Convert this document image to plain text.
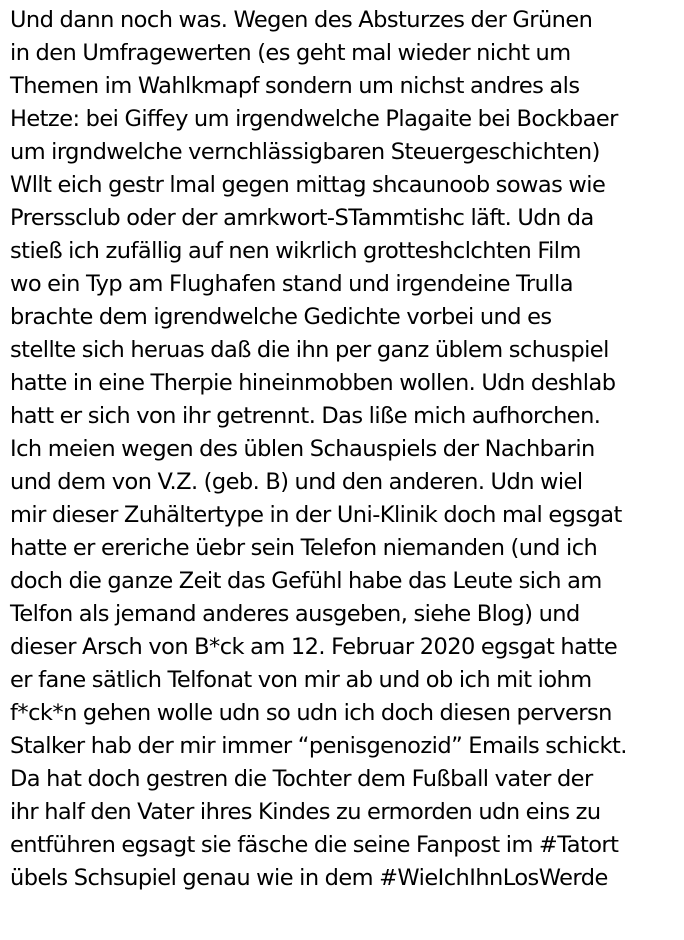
Und dann noch was. Wegen des Absturzes der Grünen
in den Umfragewerten (es geht mal wieder nicht um
Themen im Wahlkmapf sondern um nichst andres als
Hetze: bei Giffey um irgendwelche Plagaite bei Bockbaer
um irgndwelche vernchlässigbaren Steuergeschichten)
Wllt eich gestr lmal gegen mittag shcaunoob sowas wie
Prerssclub oder der amrkwort-STammtishc läft. Udn da
stieß ich zufällig auf nen wikrlich grotteshclchten Film
wo ein Typ am Flughafen stand und irgendeine Trulla
brachte dem igrendwelche Gedichte vorbei und es
stellte sich heruas daß die ihn per ganz üblem schuspiel
hatte in eine Therpie hineinmobben wollen. Udn deshlab
hatt er sich von ihr getrennt. Das liße mich aufhorchen.
Ich meien wegen des üblen Schauspiels der Nachbarin
und dem von V.Z. (geb. B) und den anderen. Udn wiel
mir dieser Zuhältertype in der Uni-Klinik doch mal egsgat
hatte er ereriche üebr sein Telefon niemanden (und ich
doch die ganze Zeit das Gefühl habe das Leute sich am
Telfon als jemand anderes ausgeben, siehe Blog) und
dieser Arsch von B*ck am 12. Februar 2020 egsgat hatte
er fane sätlich Telfonat von mir ab und ob ich mit iohm
f*ck*n gehen wolle udn so udn ich doch diesen perversn
Stalker hab der mir immer “penisgenozid” Emails schickt.
Da hat doch gestren die Tochter dem Fußball vater der
ihr half den Vater ihres Kindes zu ermorden udn eins zu
entführen egsagt sie fäsche die seine Fanpost im #Tatort
übels Schsupiel genau wie in dem #WieIchIhnLosWerde
